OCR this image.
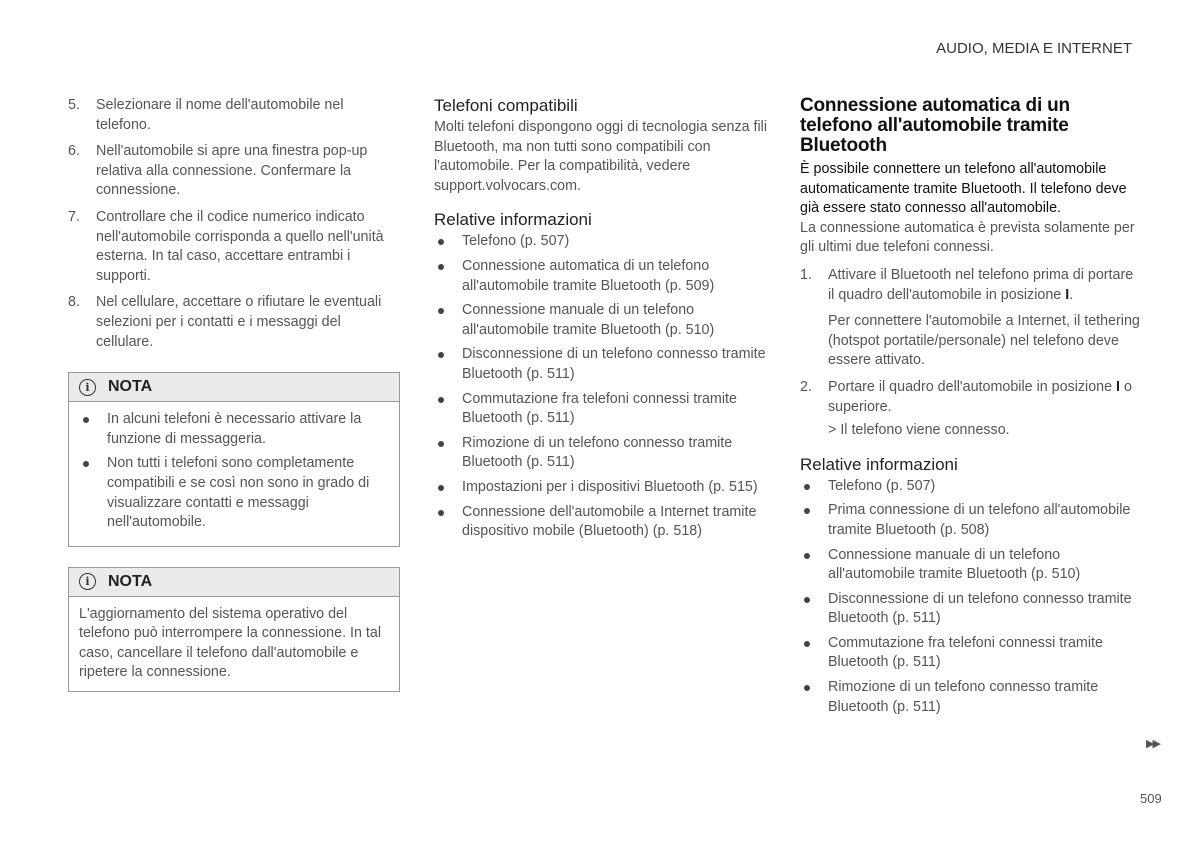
AUDIO, MEDIA E INTERNET
5.	Selezionare il nome dell'automobile nel telefono.
6.	Nell'automobile si apre una finestra pop-up relativa alla connessione. Confermare la connessione.
7.	Controllare che il codice numerico indicato nell'automobile corrisponda a quello nell'unità esterna. In tal caso, accettare entrambi i supporti.
8.	Nel cellulare, accettare o rifiutare le eventuali selezioni per i contatti e i messaggi del cellulare.
i	NOTA
In alcuni telefoni è necessario attivare la funzione di messaggeria.
Non tutti i telefoni sono completamente compatibili e se così non sono in grado di visualizzare contatti e messaggi nell'automobile.
i	NOTA
L'aggiornamento del sistema operativo del telefono può interrompere la connessione. In tal caso, cancellare il telefono dall'automobile e ripetere la connessione.
Telefoni compatibili

Molti telefoni dispongono oggi di tecnologia senza fili Bluetooth, ma non tutti sono compatibili con l'automobile. Per la compatibilità, vedere support.volvocars.com.

Relative informazioni
Telefono (p. 507)
Connessione automatica di un telefono all'automobile tramite Bluetooth (p. 509)
Connessione manuale di un telefono all'automobile tramite Bluetooth (p. 510)
Disconnessione di un telefono connesso tramite Bluetooth (p. 511)
Commutazione fra telefoni connessi tramite Bluetooth (p. 511)
Rimozione di un telefono connesso tramite Bluetooth (p. 511)
Impostazioni per i dispositivi Bluetooth (p. 515)
Connessione dell'automobile a Internet tramite dispositivo mobile (Bluetooth) (p. 518)
Connessione automatica di un telefono all'automobile tramite Bluetooth

È possibile connettere un telefono all'automobile automaticamente tramite Bluetooth. Il telefono deve già essere stato connesso all'automobile.

La connessione automatica è prevista solamente per gli ultimi due telefoni connessi.

1.	Attivare il Bluetooth nel telefono prima di portare il quadro dell'automobile in posizione I.

Per connettere l'automobile a Internet, il tethering (hotspot portatile/personale) nel telefono deve essere attivato.

2.	Portare il quadro dell'automobile in posizione I o superiore.

> Il telefono viene connesso.

Relative informazioni
Telefono (p. 507)
Prima connessione di un telefono all'automobile tramite Bluetooth (p. 508)
Connessione manuale di un telefono all'automobile tramite Bluetooth (p. 510)
Disconnessione di un telefono connesso tramite Bluetooth (p. 511)
Commutazione fra telefoni connessi tramite Bluetooth (p. 511)
Rimozione di un telefono connesso tramite Bluetooth (p. 511)
▶▶
509
